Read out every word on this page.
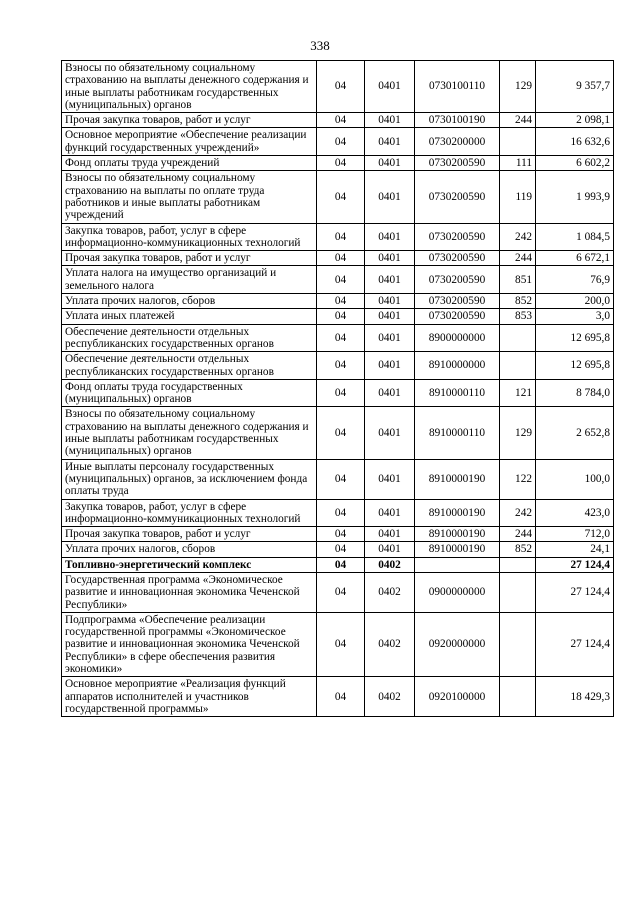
338
Взносы по обязательному социальному страхованию на выплаты денежного содержания и иные выплаты работникам государственных (муниципальных) органов	04	0401	0730100110	129	9 357,7
Прочая закупка товаров, работ и услуг	04	0401	0730100190	244	2 098,1
Основное мероприятие «Обеспечение реализации функций государственных учреждений»	04	0401	0730200000		16 632,6
Фонд оплаты труда учреждений	04	0401	0730200590	111	6 602,2
Взносы по обязательному социальному страхованию на выплаты по оплате труда работников и иные выплаты работникам учреждений	04	0401	0730200590	119	1 993,9
Закупка товаров, работ, услуг в сфере информационно-коммуникационных технологий	04	0401	0730200590	242	1 084,5
Прочая закупка товаров, работ и услуг	04	0401	0730200590	244	6 672,1
Уплата налога на имущество организаций и земельного налога	04	0401	0730200590	851	76,9
Уплата прочих налогов, сборов	04	0401	0730200590	852	200,0
Уплата иных платежей	04	0401	0730200590	853	3,0
Обеспечение деятельности отдельных республиканских государственных органов	04	0401	8900000000		12 695,8
Обеспечение деятельности отдельных республиканских государственных органов	04	0401	8910000000		12 695,8
Фонд оплаты труда государственных (муниципальных) органов	04	0401	8910000110	121	8 784,0
Взносы по обязательному социальному страхованию на выплаты денежного содержания и иные выплаты работникам государственных (муниципальных) органов	04	0401	8910000110	129	2 652,8
Иные выплаты персоналу государственных (муниципальных) органов, за исключением фонда оплаты труда	04	0401	8910000190	122	100,0
Закупка товаров, работ, услуг в сфере информационно-коммуникационных технологий	04	0401	8910000190	242	423,0
Прочая закупка товаров, работ и услуг	04	0401	8910000190	244	712,0
Уплата прочих налогов, сборов	04	0401	8910000190	852	24,1
Топливно-энергетический комплекс	04	0402			27 124,4
Государственная программа «Экономическое развитие и инновационная экономика Чеченской Республики»	04	0402	0900000000		27 124,4
Подпрограмма «Обеспечение реализации государственной программы «Экономическое развитие и инновационная экономика Чеченской Республики» в сфере обеспечения развития экономики»	04	0402	0920000000		27 124,4
Основное мероприятие «Реализация функций аппаратов исполнителей и участников государственной программы»	04	0402	0920100000		18 429,3
